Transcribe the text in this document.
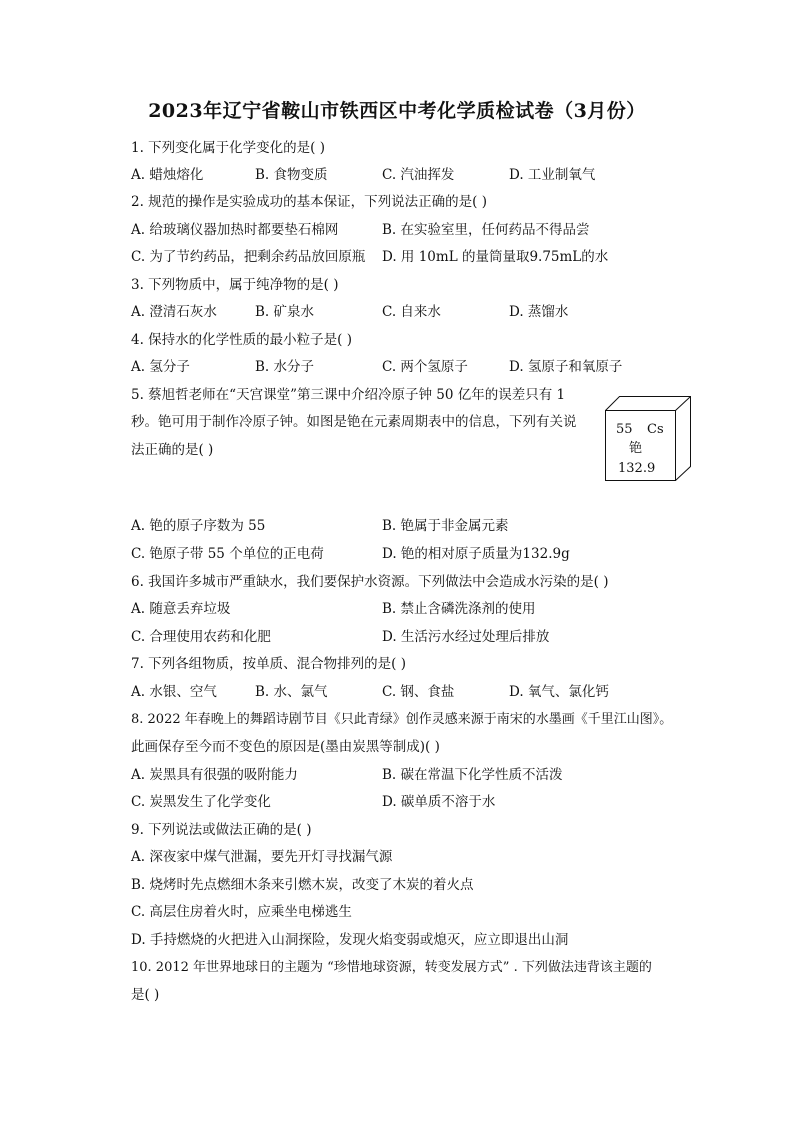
2023年辽宁省鞍山市铁西区中考化学质检试卷（3月份）
1. 下列变化属于化学变化的是( )
A. 蜡烛熔化	B. 食物变质	C. 汽油挥发	D. 工业制氧气
2. 规范的操作是实验成功的基本保证，下列说法正确的是( )
A. 给玻璃仪器加热时都要垫石棉网	B. 在实验室里，任何药品不得品尝
C. 为了节约药品，把剩余药品放回原瓶 D. 用 10mL 的量筒量取9.75mL的水
3. 下列物质中，属于纯净物的是( )
A. 澄清石灰水	B. 矿泉水	C. 自来水	D. 蒸馏水
4. 保持水的化学性质的最小粒子是( )
A. 氢分子	B. 水分子	C. 两个氢原子	D. 氢原子和氧原子
5. 蔡旭哲老师在“天宫课堂”第三课中介绍冷原子钟 50 亿年的误差只有 1
秒。铯可用于制作冷原子钟。如图是铯在元素周期表中的信息，下列有关说
法正确的是( )
55 Cs
铯
132.9
A. 铯的原子序数为 55	B. 铯属于非金属元素
C. 铯原子带 55 个单位的正电荷	D. 铯的相对原子质量为132.9g
6. 我国许多城市严重缺水，我们要保护水资源。下列做法中会造成水污染的是( )
A. 随意丢弃垃圾	B. 禁止含磷洗涤剂的使用
C. 合理使用农药和化肥	D. 生活污水经过处理后排放
7. 下列各组物质，按单质、混合物排列的是( )
A. 水银、空气	B. 水、氯气	C. 钢、食盐	D. 氧气、氯化钙
8. 2022 年春晚上的舞蹈诗剧节目《只此青绿》创作灵感来源于南宋的水墨画《千里江山图》。
此画保存至今而不变色的原因是(墨由炭黑等制成)( )
A. 炭黑具有很强的吸附能力	B. 碳在常温下化学性质不活泼
C. 炭黑发生了化学变化	D. 碳单质不溶于水
9. 下列说法或做法正确的是( )
A. 深夜家中煤气泄漏，要先开灯寻找漏气源
B. 烧烤时先点燃细木条来引燃木炭，改变了木炭的着火点
C. 高层住房着火时，应乘坐电梯逃生
D. 手持燃烧的火把进入山洞探险，发现火焰变弱或熄灭，应立即退出山洞
10. 2012 年世界地球日的主题为 “珍惜地球资源，转变发展方式” . 下列做法违背该主题的
是( )
